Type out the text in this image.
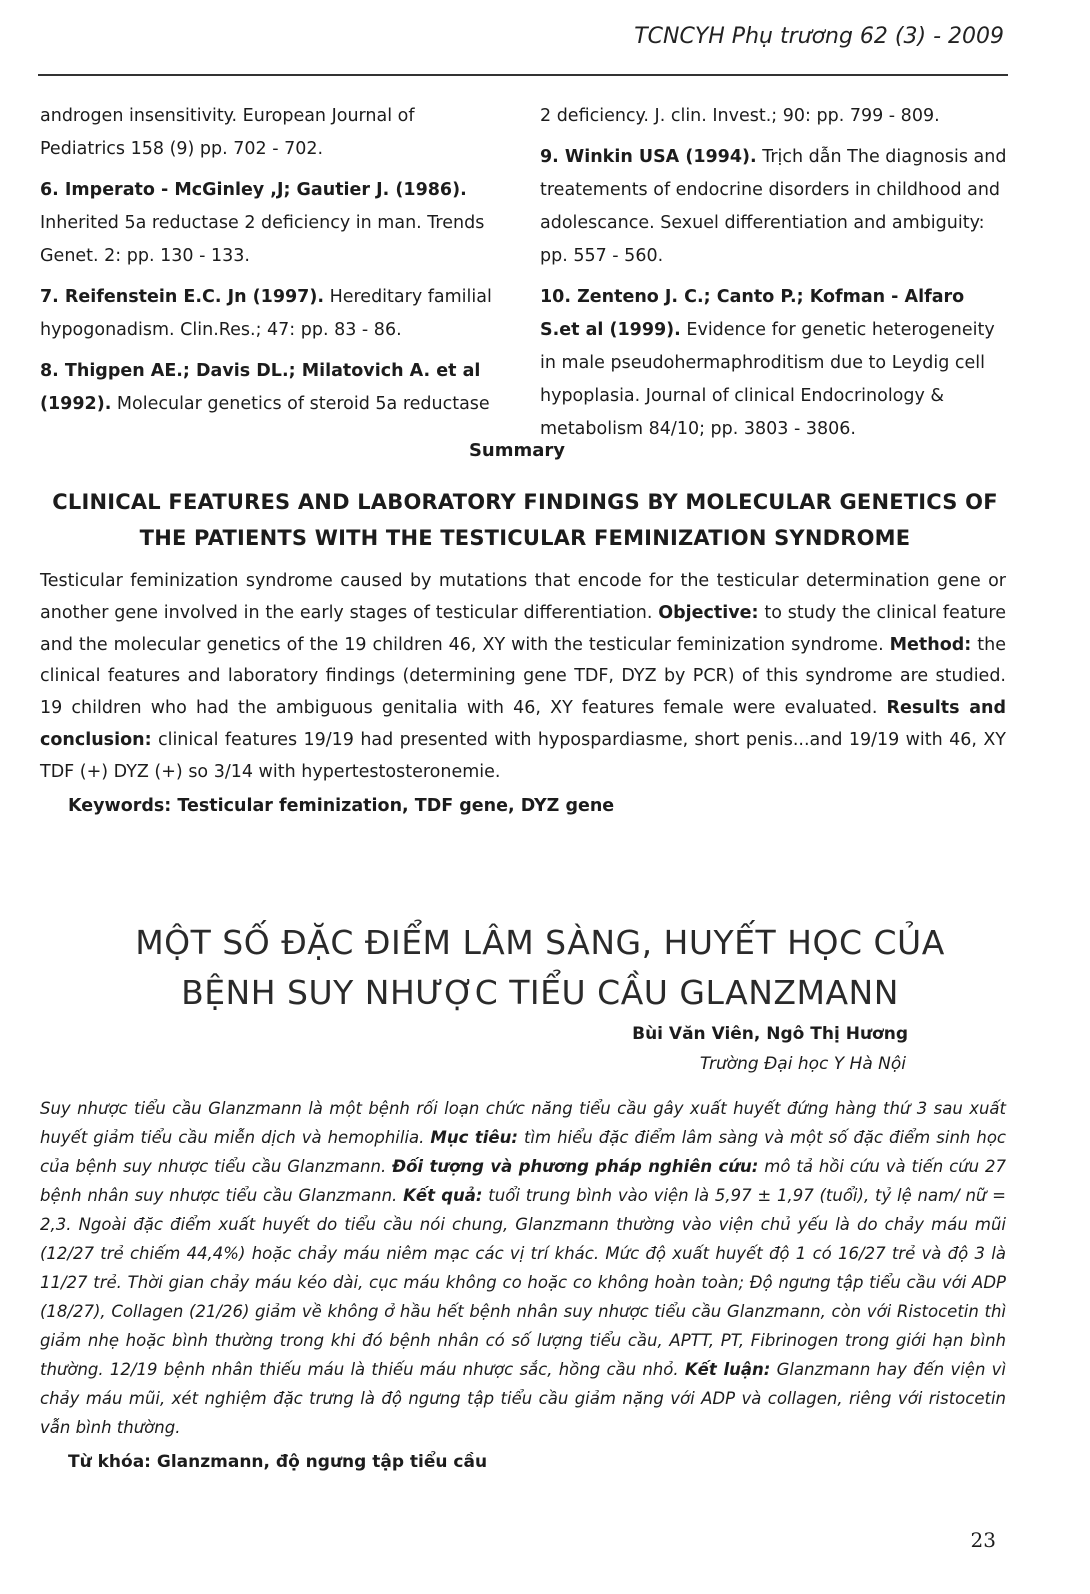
TCNCYH Phụ trương 62 (3) - 2009
androgen insensitivity. European Journal of Pediatrics 158 (9) pp. 702 - 702.
6. Imperato - McGinley ,J; Gautier J. (1986). Inherited 5a reductase 2 deficiency in man. Trends Genet. 2: pp. 130 - 133.
7. Reifenstein E.C. Jn (1997). Hereditary familial hypogonadism. Clin.Res.; 47: pp. 83 - 86.
8. Thigpen AE.; Davis DL.; Milatovich A. et al (1992). Molecular genetics of steroid 5a reductase
2 deficiency. J. clin. Invest.; 90: pp. 799 - 809.
9. Winkin USA (1994). Trịch dẫn The diagnosis and treatements of endocrine disorders in childhood and adolescance. Sexuel differentiation and ambiguity: pp. 557 - 560.
10. Zenteno J. C.; Canto P.; Kofman - Alfaro S.et al (1999). Evidence for genetic heterogeneity in male pseudohermaphroditism due to Leydig cell hypoplasia. Journal of clinical Endocrinology & metabolism 84/10; pp. 3803 - 3806.
Summary
CLINICAL FEATURES AND LABORATORY FINDINGS BY MOLECULAR GENETICS OF THE PATIENTS WITH THE TESTICULAR FEMINIZATION SYNDROME
Testicular feminization syndrome caused by mutations that encode for the testicular determination gene or another gene involved in the early stages of testicular differentiation. Objective: to study the clinical feature and the molecular genetics of the 19 children 46, XY with the testicular feminization syndrome. Method: the clinical features and laboratory findings (determining gene TDF, DYZ by PCR) of this syndrome are studied. 19 children who had the ambiguous genitalia with 46, XY features female were evaluated. Results and conclusion: clinical features 19/19 had presented with hypospardiasme, short penis...and 19/19 with 46, XY TDF (+) DYZ (+) so 3/14 with hypertestosteronemie.
Keywords: Testicular feminization, TDF gene, DYZ gene
MỘT SỐ ĐẶC ĐIỂM LÂM SÀNG, HUYẾT HỌC CỦA
BỆNH SUY NHƯỢC TIỂU CẦU GLANZMANN
Bùi Văn Viên, Ngô Thị Hương
Trường Đại học Y Hà Nội
Suy nhược tiểu cầu Glanzmann là một bệnh rối loạn chức năng tiểu cầu gây xuất huyết đứng hàng thứ 3 sau xuất huyết giảm tiểu cầu miễn dịch và hemophilia. Mục tiêu: tìm hiểu đặc điểm lâm sàng và một số đặc điểm sinh học của bệnh suy nhược tiểu cầu Glanzmann. Đối tượng và phương pháp nghiên cứu: mô tả hồi cứu và tiến cứu 27 bệnh nhân suy nhược tiểu cầu Glanzmann. Kết quả: tuổi trung bình vào viện là 5,97 ± 1,97 (tuổi), tỷ lệ nam/ nữ = 2,3. Ngoài đặc điểm xuất huyết do tiểu cầu nói chung, Glanzmann thường vào viện chủ yếu là do chảy máu mũi (12/27 trẻ chiếm 44,4%) hoặc chảy máu niêm mạc các vị trí khác. Mức độ xuất huyết độ 1 có 16/27 trẻ và độ 3 là 11/27 trẻ. Thời gian chảy máu kéo dài, cục máu không co hoặc co không hoàn toàn; Độ ngưng tập tiểu cầu với ADP (18/27), Collagen (21/26) giảm về không ở hầu hết bệnh nhân suy nhược tiểu cầu Glanzmann, còn với Ristocetin thì giảm nhẹ hoặc bình thường trong khi đó bệnh nhân có số lượng tiểu cầu, APTT, PT, Fibrinogen trong giới hạn bình thường. 12/19 bệnh nhân thiếu máu là thiếu máu nhược sắc, hồng cầu nhỏ. Kết luận: Glanzmann hay đến viện vì chảy máu mũi, xét nghiệm đặc trưng là độ ngưng tập tiểu cầu giảm nặng với ADP và collagen, riêng với ristocetin vẫn bình thường.
Từ khóa: Glanzmann, độ ngưng tập tiểu cầu
23
